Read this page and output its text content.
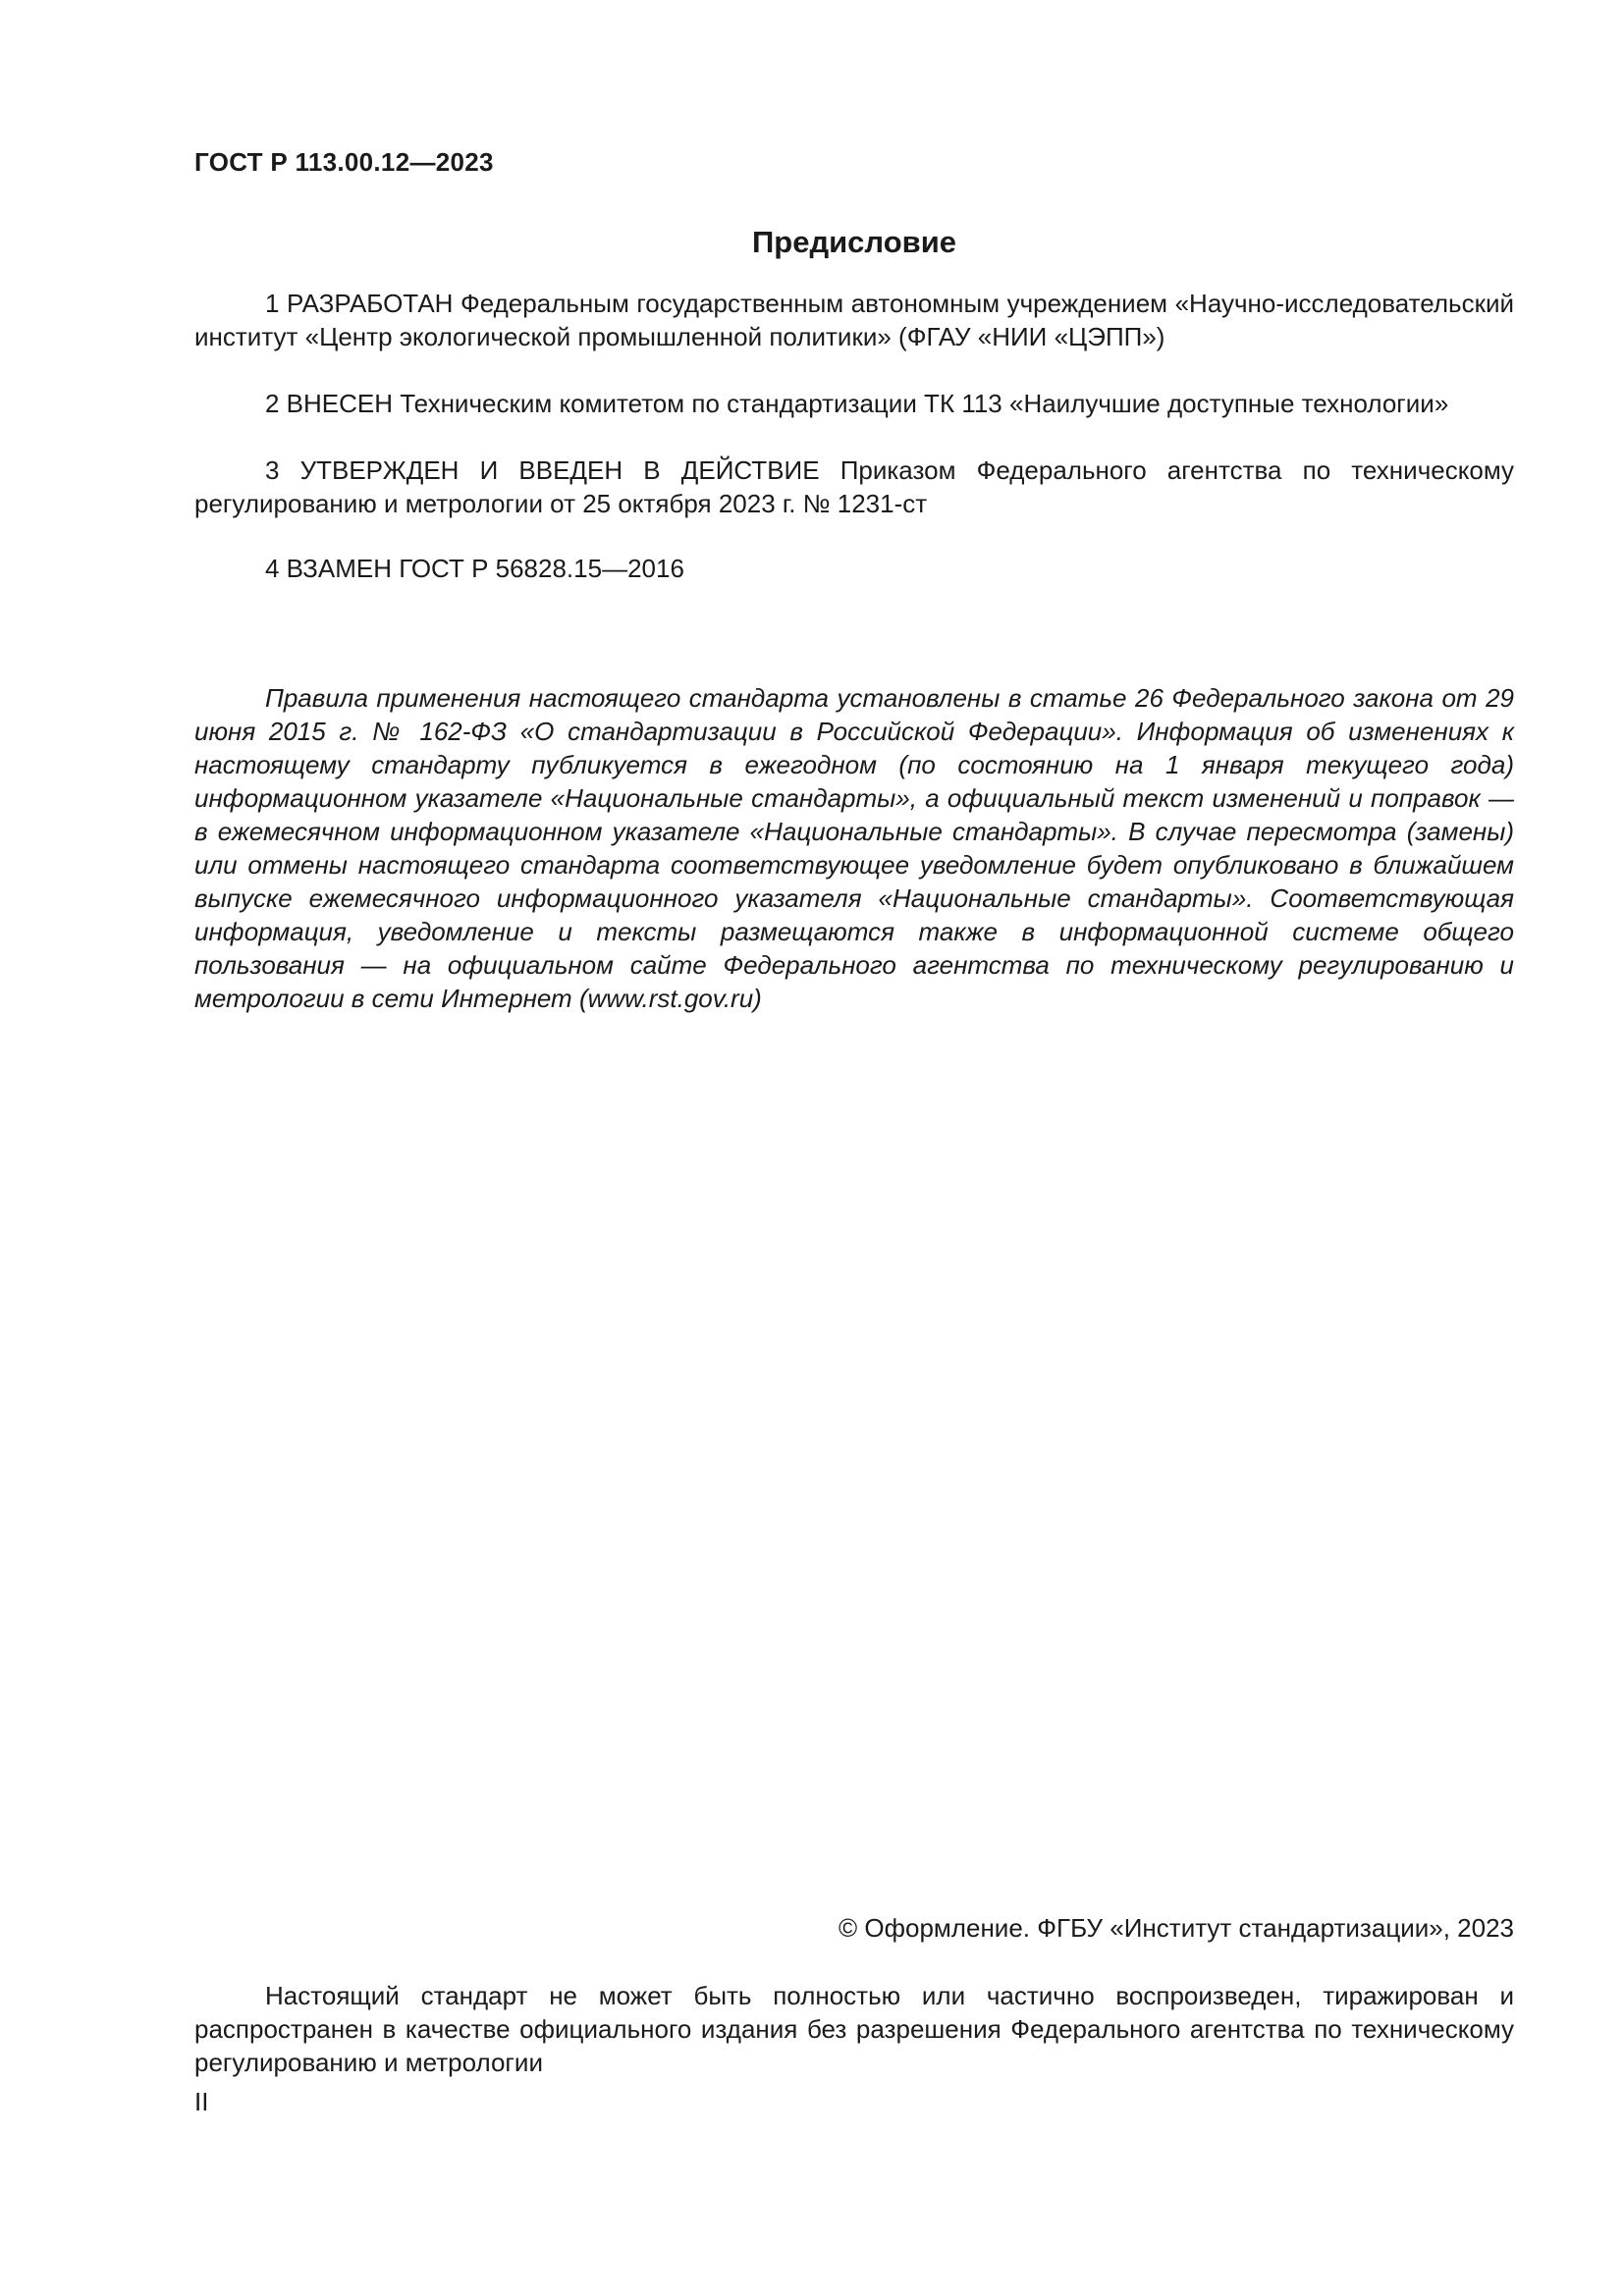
ГОСТ Р 113.00.12—2023
Предисловие

1 РАЗРАБОТАН Федеральным государственным автономным учреждением «Научно-исследовательский институт «Центр экологической промышленной политики» (ФГАУ «НИИ «ЦЭПП»)

2 ВНЕСЕН Техническим комитетом по стандартизации ТК 113 «Наилучшие доступные технологии»

3 УТВЕРЖДЕН И ВВЕДЕН В ДЕЙСТВИЕ Приказом Федерального агентства по техническому регулированию и метрологии от 25 октября 2023 г. № 1231-ст

4 ВЗАМЕН ГОСТ Р 56828.15—2016

Правила применения настоящего стандарта установлены в статье 26 Федерального закона от 29 июня 2015 г. № 162-ФЗ «О стандартизации в Российской Федерации». Информация об изменениях к настоящему стандарту публикуется в ежегодном (по состоянию на 1 января текущего года) информационном указателе «Национальные стандарты», а официальный текст изменений и поправок — в ежемесячном информационном указателе «Национальные стандарты». В случае пересмотра (замены) или отмены настоящего стандарта соответствующее уведомление будет опубликовано в ближайшем выпуске ежемесячного информационного указателя «Национальные стандарты». Соответствующая информация, уведомление и тексты размещаются также в информационной системе общего пользования — на официальном сайте Федерального агентства по техническому регулированию и метрологии в сети Интернет (www.rst.gov.ru)

© Оформление. ФГБУ «Институт стандартизации», 2023

Настоящий стандарт не может быть полностью или частично воспроизведен, тиражирован и распространен в качестве официального издания без разрешения Федерального агентства по техническому регулированию и метрологии

II
